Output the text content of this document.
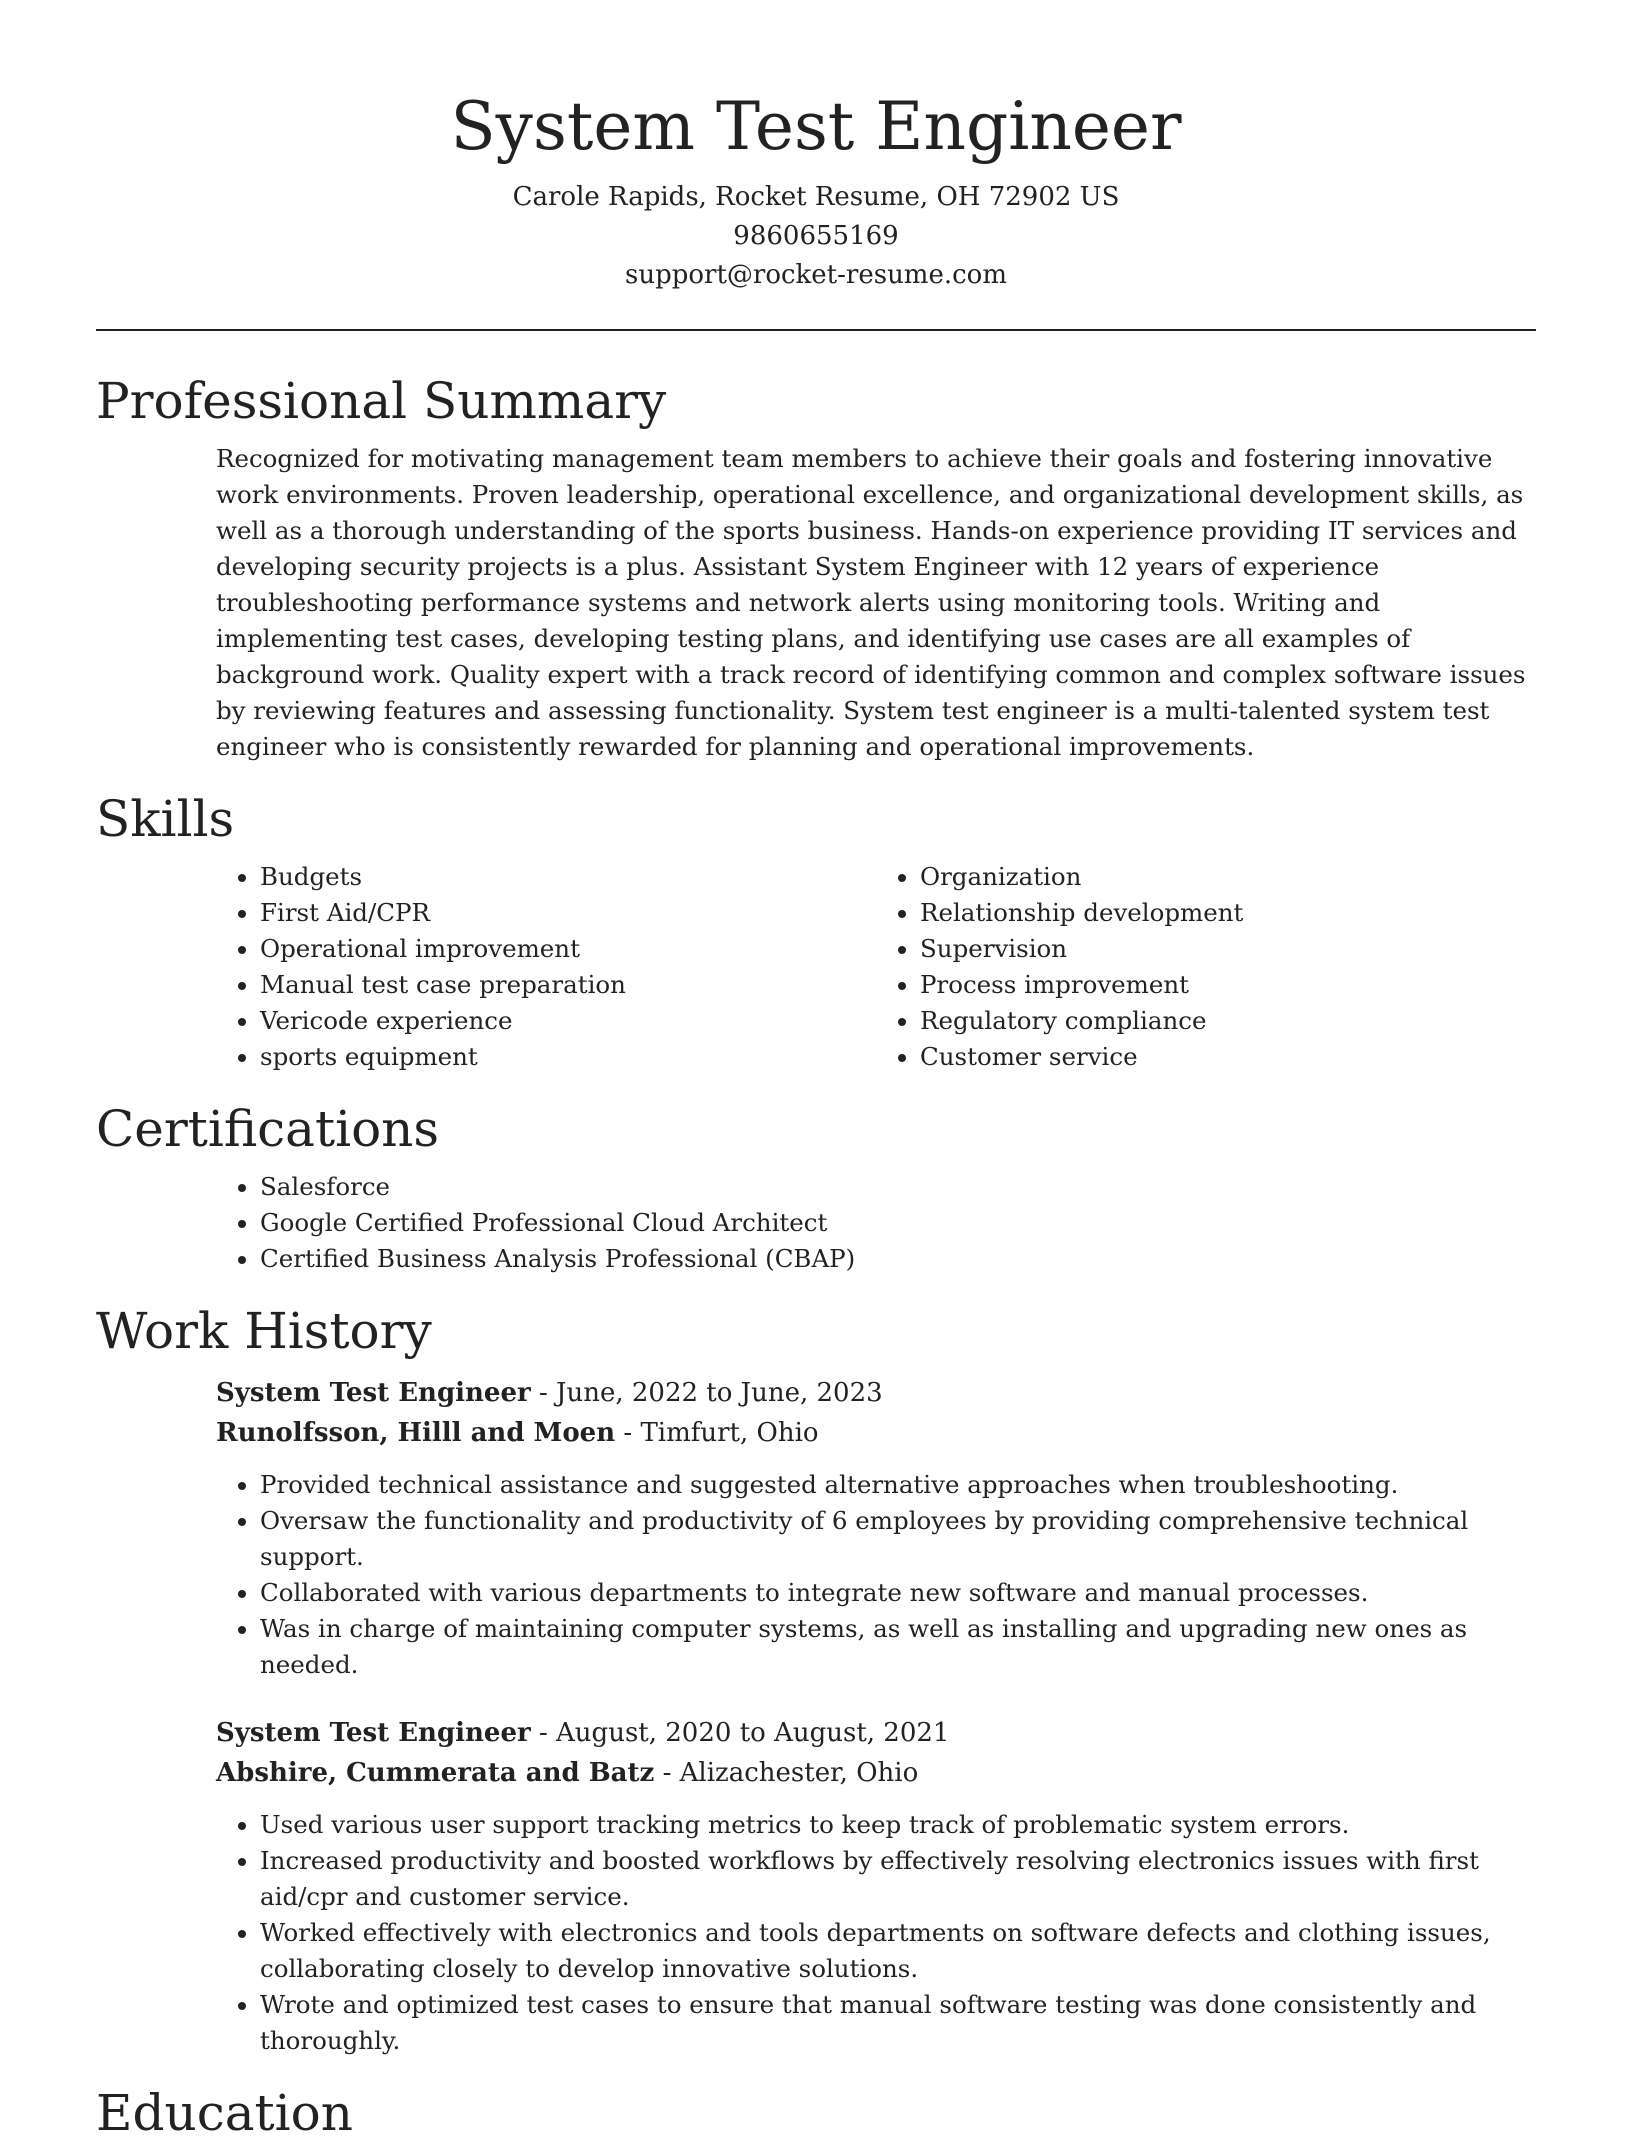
System Test Engineer
Carole Rapids, Rocket Resume, OH 72902 US
9860655169
support@rocket-resume.com
Professional Summary

Recognized for motivating management team members to achieve their goals and fostering innovative work environments. Proven leadership, operational excellence, and organizational development skills, as well as a thorough understanding of the sports business. Hands-on experience providing IT services and developing security projects is a plus. Assistant System Engineer with 12 years of experience troubleshooting performance systems and network alerts using monitoring tools. Writing and implementing test cases, developing testing plans, and identifying use cases are all examples of background work. Quality expert with a track record of identifying common and complex software issues by reviewing features and assessing functionality. System test engineer is a multi-talented system test engineer who is consistently rewarded for planning and operational improvements.

Skills
• Budgets
• First Aid/CPR
• Operational improvement
• Manual test case preparation
• Vericode experience
• sports equipment
• Organization
• Relationship development
• Supervision
• Process improvement
• Regulatory compliance
• Customer service
Certifications
• Salesforce
• Google Certified Professional Cloud Architect
• Certified Business Analysis Professional (CBAP)
Work History
System Test Engineer - June, 2022 to June, 2023
Runolfsson, Hilll and Moen - Timfurt, Ohio
• Provided technical assistance and suggested alternative approaches when troubleshooting.
• Oversaw the functionality and productivity of 6 employees by providing comprehensive technical support.
• Collaborated with various departments to integrate new software and manual processes.
• Was in charge of maintaining computer systems, as well as installing and upgrading new ones as needed.
System Test Engineer - August, 2020 to August, 2021
Abshire, Cummerata and Batz - Alizachester, Ohio
• Used various user support tracking metrics to keep track of problematic system errors.
• Increased productivity and boosted workflows by effectively resolving electronics issues with first aid/cpr and customer service.
• Worked effectively with electronics and tools departments on software defects and clothing issues, collaborating closely to develop innovative solutions.
• Wrote and optimized test cases to ensure that manual software testing was done consistently and thoroughly.
Education
